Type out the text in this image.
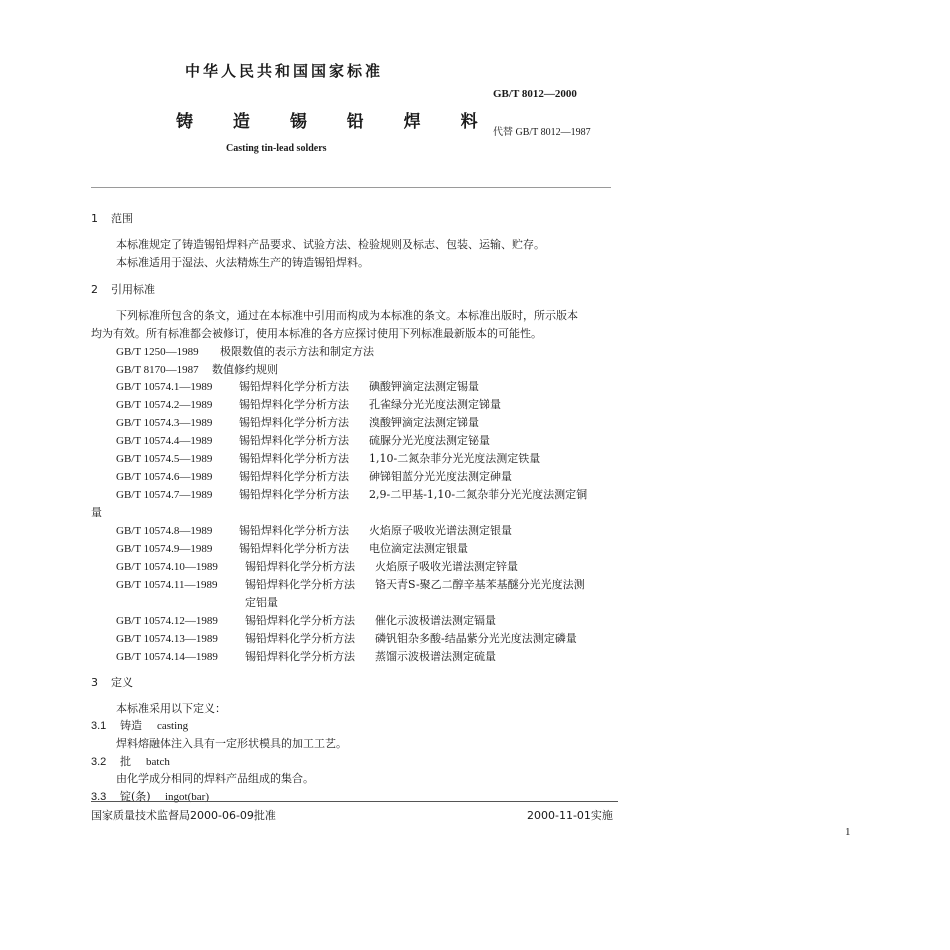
中华人民共和国国家标准
GB/T 8012—2000
铸 造 锡 铅 焊 料
代替 GB/T 8012—1987
Casting tin-lead solders
1 范围
本标准规定了铸造锡铅焊料产品要求、试验方法、检验规则及标志、包装、运输、贮存。
本标准适用于湿法、火法精炼生产的铸造锡铅焊料。
2 引用标准
下列标准所包含的条文，通过在本标准中引用而构成为本标准的条文。本标准出版时，所示版本
均为有效。所有标准都会被修订，使用本标准的各方应探讨使用下列标准最新版本的可能性。
GB/T 1250—1989 极限数值的表示方法和制定方法
GB/T 8170—1987 数值修约规则
GB/T 10574.1—1989 锡铅焊料化学分析方法 碘酸钾滴定法测定锡量
GB/T 10574.2—1989 锡铅焊料化学分析方法 孔雀绿分光光度法测定锑量
GB/T 10574.3—1989 锡铅焊料化学分析方法 溴酸钾滴定法测定锑量
GB/T 10574.4—1989 锡铅焊料化学分析方法 硫脲分光光度法测定铋量
GB/T 10574.5—1989 锡铅焊料化学分析方法 1,10-二氮杂菲分光光度法测定铁量
GB/T 10574.6—1989 锡铅焊料化学分析方法 砷锑钼蓝分光光度法测定砷量
GB/T 10574.7—1989 锡铅焊料化学分析方法 2,9-二甲基-1,10-二氮杂菲分光光度法测定铜
量
GB/T 10574.8—1989 锡铅焊料化学分析方法 火焰原子吸收光谱法测定银量
GB/T 10574.9—1989 锡铅焊料化学分析方法 电位滴定法测定银量
GB/T 10574.10—1989 锡铅焊料化学分析方法 火焰原子吸收光谱法测定锌量
GB/T 10574.11—1989	锡铅焊料化学分析方法 铬天青S-聚乙二醇辛基苯基醚分光光度法测
定铝量
GB/T 10574.12—1989 锡铅焊料化学分析方法 催化示波极谱法测定镉量
GB/T 10574.13—1989 锡铅焊料化学分析方法 磷钒钼杂多酸-结晶紫分光光度法测定磷量
GB/T 10574.14—1989 锡铅焊料化学分析方法 蒸馏示波极谱法测定硫量
3 定义
本标准采用以下定义：
3.1 铸造 casting
焊料熔融体注入具有一定形状模具的加工工艺。
3.2 批 batch
由化学成分相同的焊料产品组成的集合。
3.3 锭(条) ingot(bar)
国家质量技术监督局2000-06-09批准	2000-11-01实施
1
